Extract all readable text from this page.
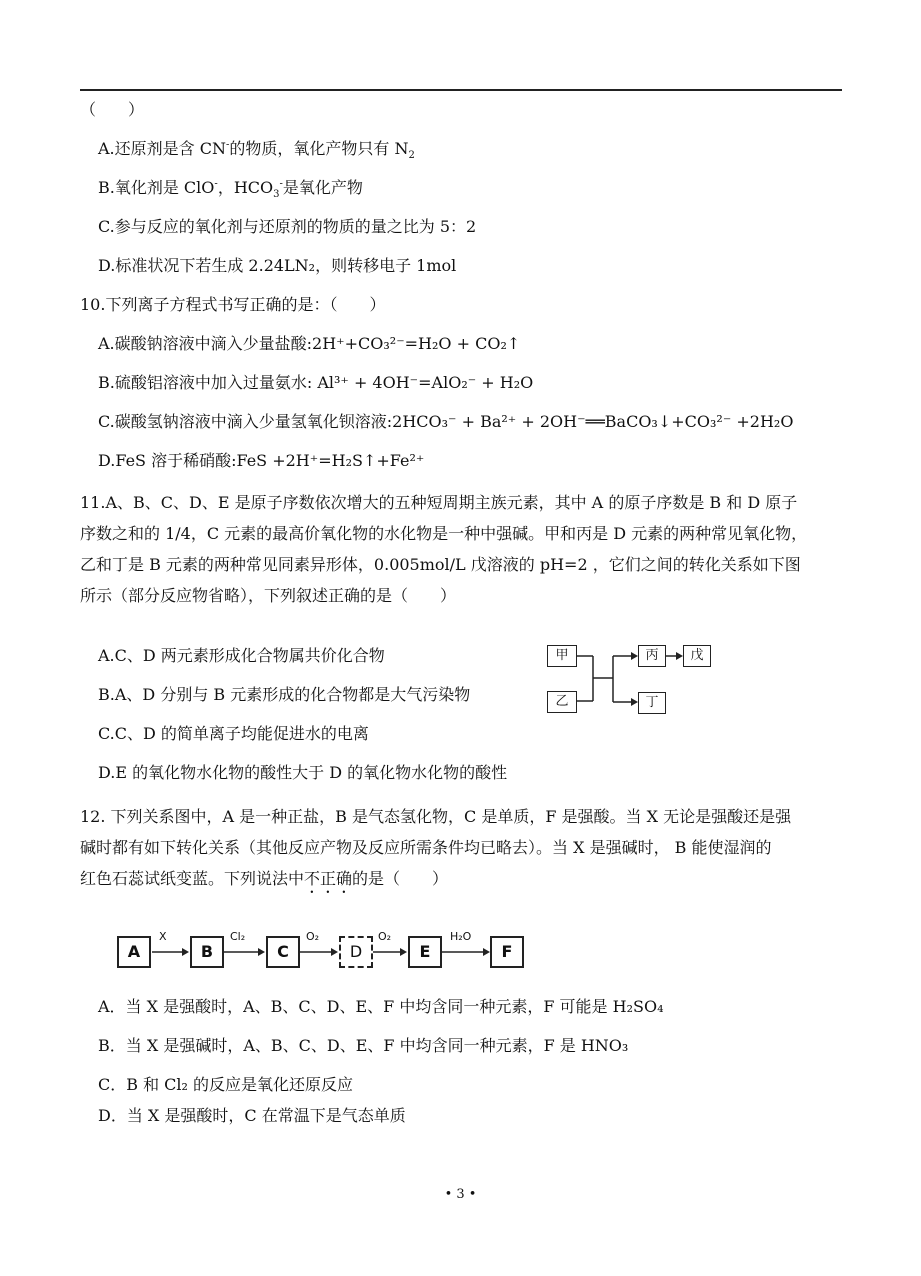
（　　）
A.还原剂是含 CN-的物质，氧化产物只有 $N_2$
B.氧化剂是 ClO-，$HCO_3^-$是氧化产物
C.参与反应的氧化剂与还原剂的物质的量之比为 5：2
D.标准状况下若生成 2.24LN₂，则转移电子 1mol
10.下列离子方程式书写正确的是：（　　）
A.碳酸钠溶液中滴入少量盐酸:2H⁺+CO₃²⁻=H₂O + CO₂↑
B.硫酸铝溶液中加入过量氨水: Al³⁺ + 4OH⁻=AlO₂⁻ + H₂O
C.碳酸氢钠溶液中滴入少量氢氧化钡溶液:2HCO₃⁻ + Ba²⁺ + 2OH⁻══BaCO₃↓+CO₃²⁻ +2H₂O
D.FeS 溶于稀硝酸:FeS +2H⁺=H₂S↑+Fe²⁺
11.A、B、C、D、E 是原子序数依次增大的五种短周期主族元素，其中 A 的原子序数是 B 和 D 原子
序数之和的 1/4，C 元素的最高价氧化物的水化物是一种中强碱。甲和丙是 D 元素的两种常见氧化物，
乙和丁是 B 元素的两种常见同素异形体，0.005mol/L 戊溶液的 pH=2 ，它们之间的转化关系如下图
所示（部分反应物省略），下列叙述正确的是（　　）
A.C、D 两元素形成化合物属共价化合物
B.A、D 分别与 B 元素形成的化合物都是大气污染物
C.C、D 的简单离子均能促进水的电离
D.E 的氧化物水化物的酸性大于 D 的氧化物水化物的酸性
甲
乙
丙
丁
戊
12. 下列关系图中，A 是一种正盐，B 是气态氢化物，C 是单质，F 是强酸。当 X 无论是强酸还是强
碱时都有如下转化关系（其他反应产物及反应所需条件均已略去）。当 X 是强碱时， B 能使湿润的
红色石蕊试纸变蓝。下列说法中不正确的是（　　）
A
X
B
Cl₂
C
O₂
D
O₂
E
H₂O
F
A．当 X 是强酸时，A、B、C、D、E、F 中均含同一种元素，F 可能是 H₂SO₄
B．当 X 是强碱时，A、B、C、D、E、F 中均含同一种元素，F 是 HNO₃
C．B 和 Cl₂ 的反应是氧化还原反应
D．当 X 是强酸时，C 在常温下是气态单质
• 3 •
